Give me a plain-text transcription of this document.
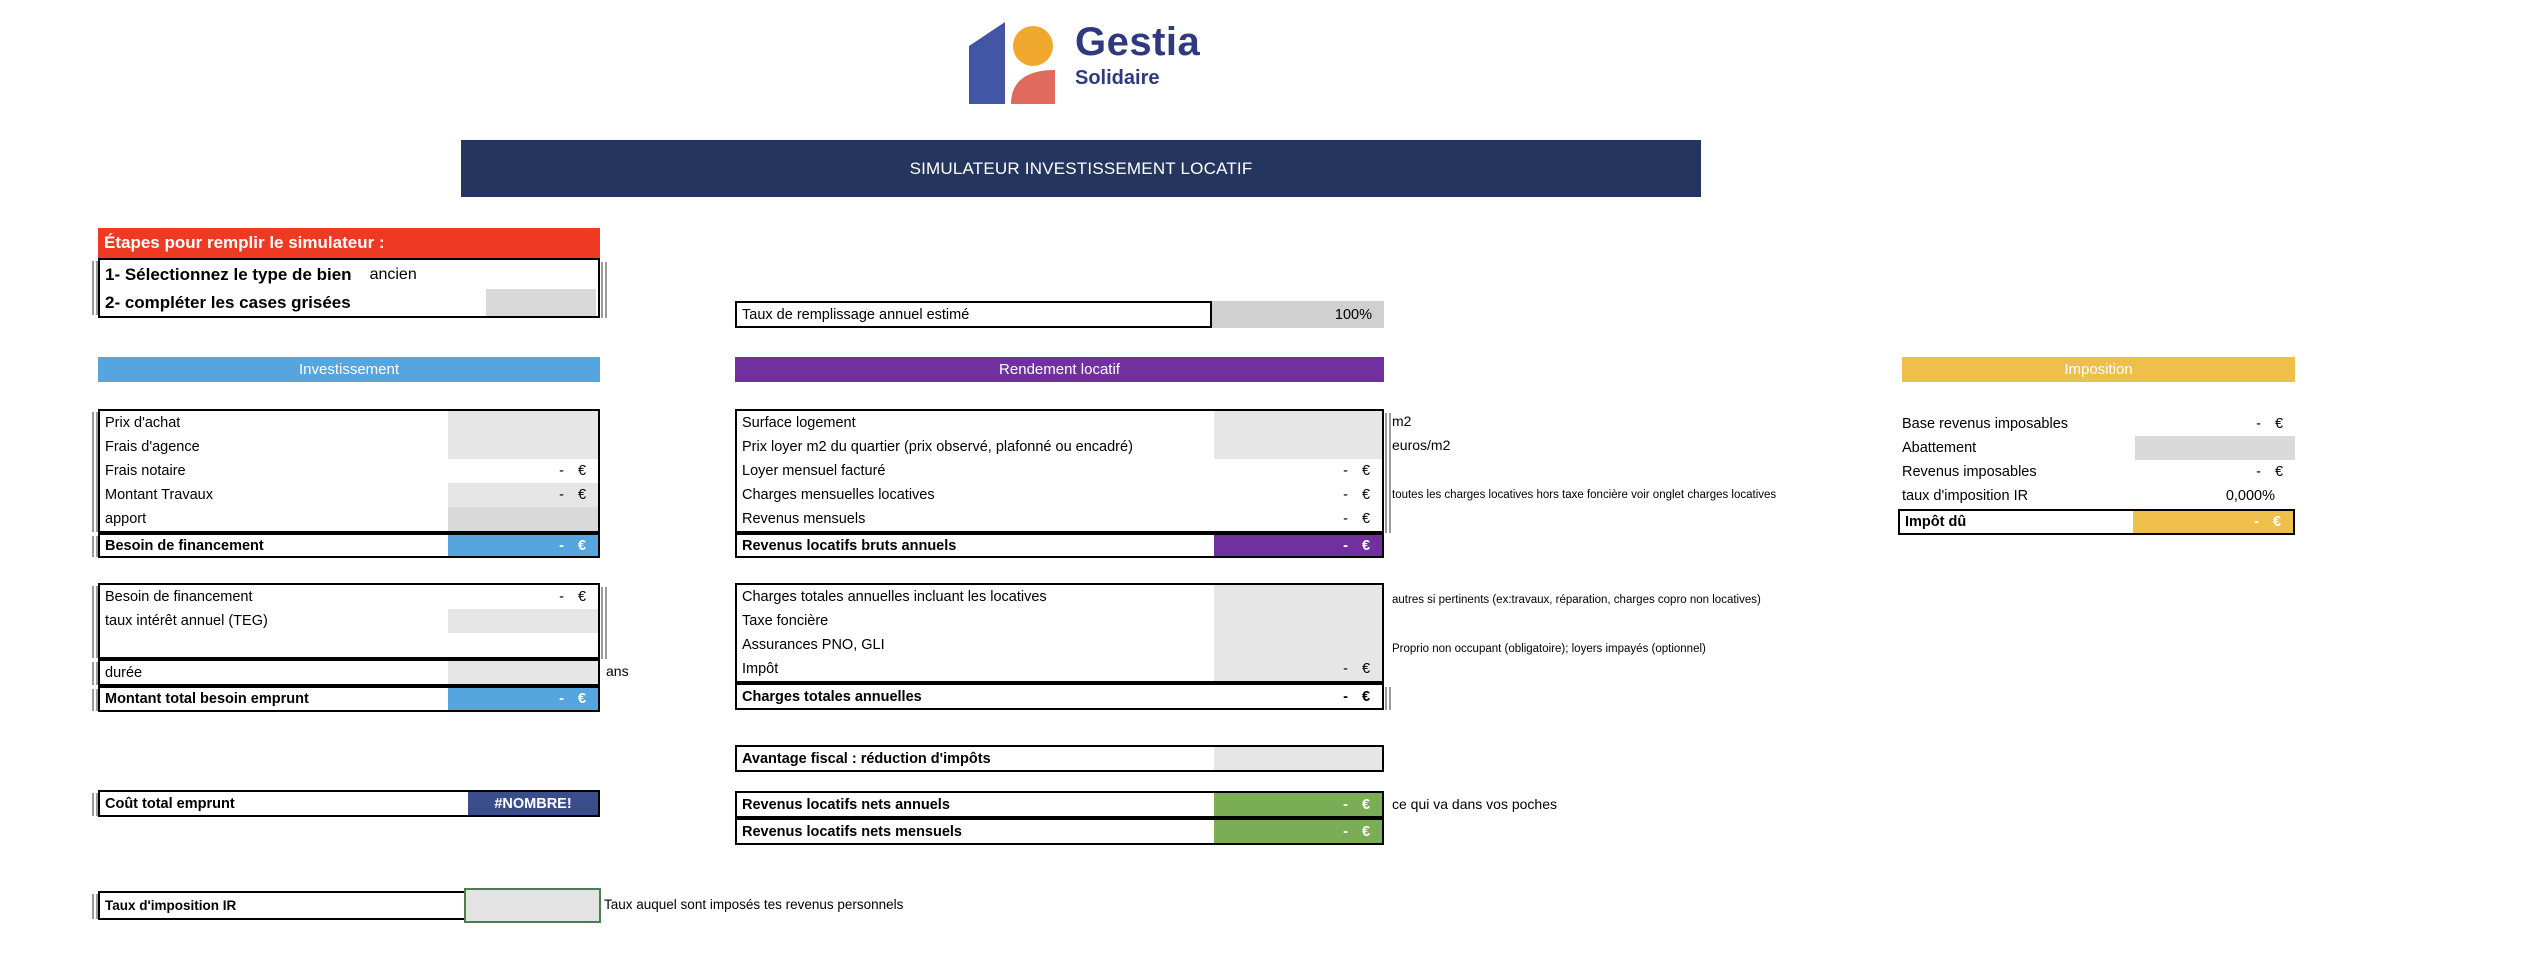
Gestia
Solidaire
SIMULATEUR INVESTISSEMENT LOCATIF
Étapes pour remplir le simulateur :
1- Sélectionnez le type de bien ancien
2- compléter les cases grisées
Taux de remplissage annuel estimé	100%
Investissement
Prix d'achat
Frais d'agence
Frais notaire	- €
Montant Travaux	- €
apport
Besoin de financement	- €
Besoin de financement	- €
taux intérêt annuel (TEG)
durée	ans
Montant total besoin emprunt	- €
Coût total emprunt	#NOMBRE!
Taux d'imposition IR	Taux auquel sont imposés tes revenus personnels
Rendement locatif
Surface logement
Prix loyer m2 du quartier (prix observé, plafonné ou encadré)
Loyer mensuel facturé	- €
Charges mensuelles locatives	- €
Revenus mensuels	- €
m2
euros/m2
toutes les charges locatives hors taxe foncière voir onglet charges locatives
Revenus locatifs bruts annuels	- €
Charges totales annuelles incluant les locatives
Taxe foncière
Assurances PNO, GLI
Impôt	- €
autres si pertinents (ex:travaux, réparation, charges copro non locatives)
Proprio non occupant (obligatoire); loyers impayés (optionnel)
Charges totales annuelles	- €
Avantage fiscal : réduction d'impôts
Revenus locatifs nets annuels	- €
Revenus locatifs nets mensuels	- €
ce qui va dans vos poches
Imposition
Base revenus imposables	- €
Abattement
Revenus imposables	- €
taux d'imposition IR	0,000%
Impôt dû	- €
